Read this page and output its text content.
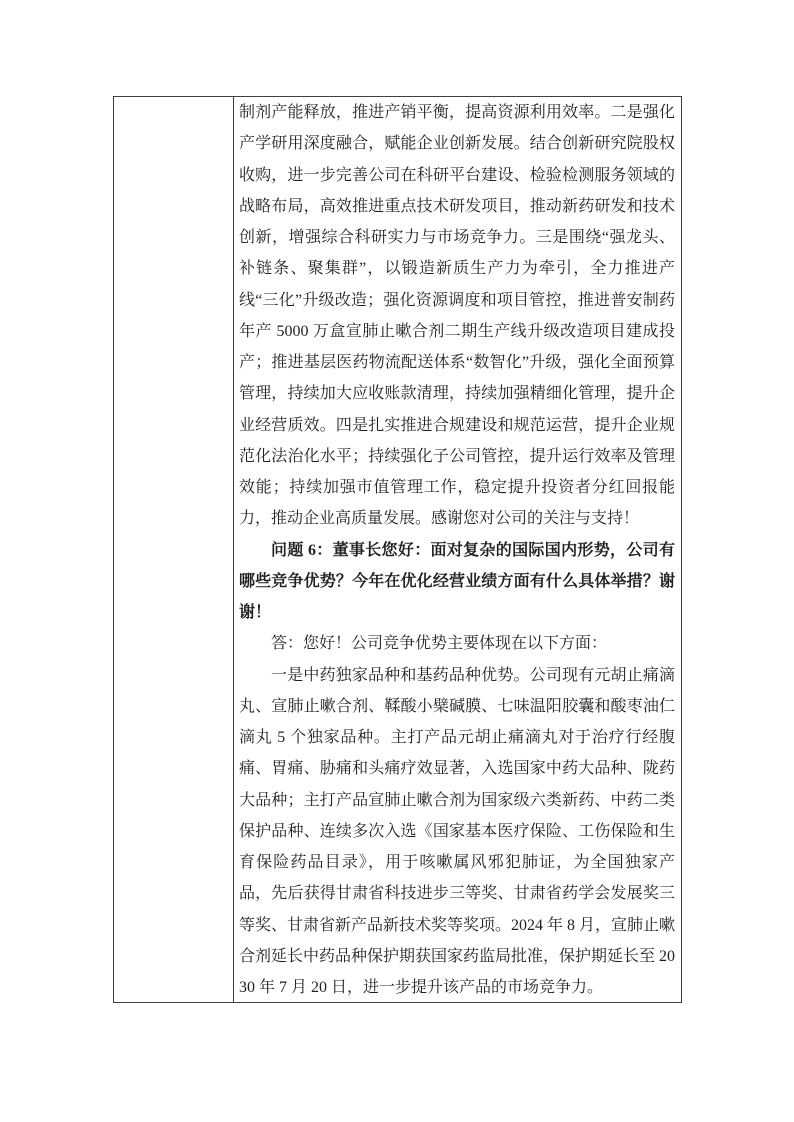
制剂产能释放，推进产销平衡，提高资源利用效率。二是强化产学研用深度融合，赋能企业创新发展。结合创新研究院股权收购，进一步完善公司在科研平台建设、检验检测服务领域的战略布局，高效推进重点技术研发项目，推动新药研发和技术创新，增强综合科研实力与市场竞争力。三是围绕“强龙头、补链条、聚集群”，以锻造新质生产力为牵引，全力推进产线“三化”升级改造；强化资源调度和项目管控，推进普安制药年产 5000 万盒宣肺止嗽合剂二期生产线升级改造项目建成投产；推进基层医药物流配送体系“数智化”升级，强化全面预算管理，持续加大应收账款清理，持续加强精细化管理，提升企业经营质效。四是扎实推进合规建设和规范运营，提升企业规范化法治化水平；持续强化子公司管控，提升运行效率及管理效能；持续加强市值管理工作，稳定提升投资者分红回报能力，推动企业高质量发展。感谢您对公司的关注与支持！

问题 6：董事长您好：面对复杂的国际国内形势，公司有哪些竞争优势？今年在优化经营业绩方面有什么具体举措？谢谢！

答：您好！公司竞争优势主要体现在以下方面：

一是中药独家品种和基药品种优势。公司现有元胡止痛滴丸、宣肺止嗽合剂、鞣酸小檗碱膜、七味温阳胶囊和酸枣油仁滴丸 5 个独家品种。主打产品元胡止痛滴丸对于治疗行经腹痛、胃痛、胁痛和头痛疗效显著，入选国家中药大品种、陇药大品种；主打产品宣肺止嗽合剂为国家级六类新药、中药二类保护品种、连续多次入选《国家基本医疗保险、工伤保险和生育保险药品目录》，用于咳嗽属风邪犯肺证，为全国独家产品，先后获得甘肃省科技进步三等奖、甘肃省药学会发展奖三等奖、甘肃省新产品新技术奖等奖项。2024 年 8 月，宣肺止嗽合剂延长中药品种保护期获国家药监局批准，保护期延长至 2030 年 7 月 20 日，进一步提升该产品的市场竞争力。
